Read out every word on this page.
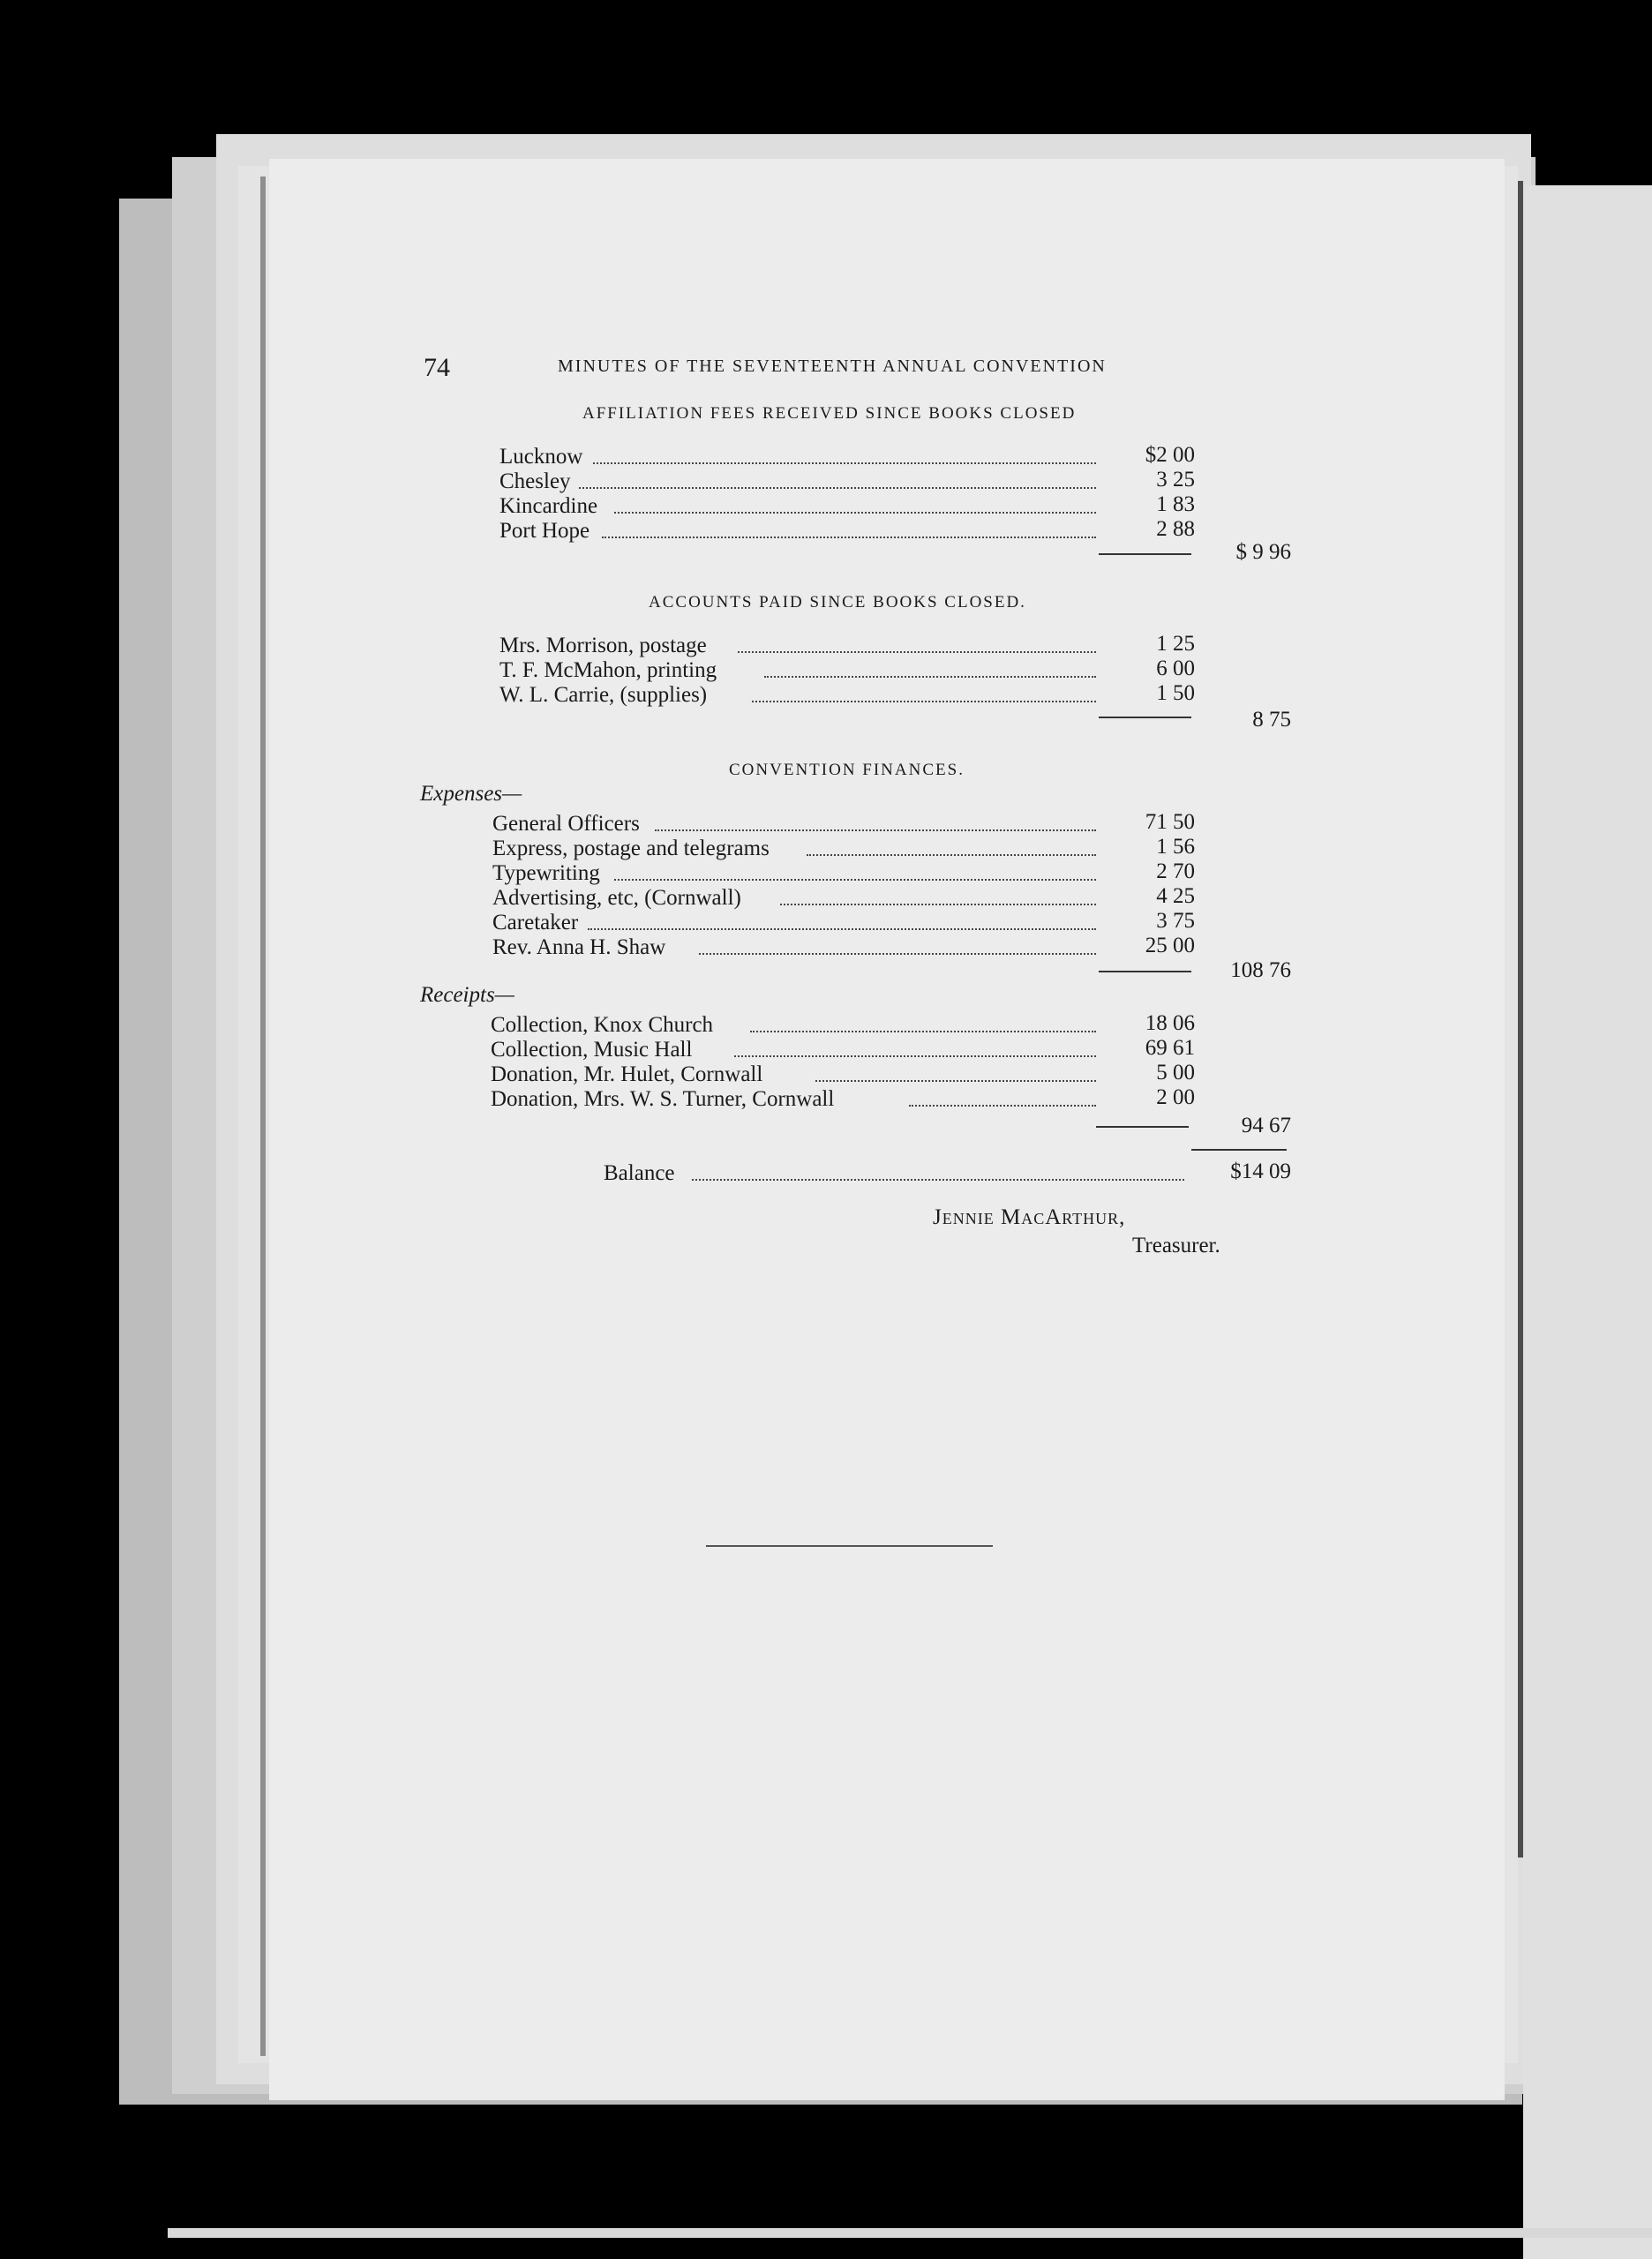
74	MINUTES OF THE SEVENTEENTH ANNUAL CONVENTION
AFFILIATION FEES RECEIVED SINCE BOOKS CLOSED
Lucknow	$2 00
Chesley	3 25
Kincardine	1 83
Port Hope	2 88
$ 9 96
ACCOUNTS PAID SINCE BOOKS CLOSED.
Mrs. Morrison, postage	1 25
T. F. McMahon, printing	6 00
W. L. Carrie, (supplies)	1 50
8 75
CONVENTION FINANCES.
Expenses—
General Officers	71 50
Express, postage and telegrams	1 56
Typewriting	2 70
Advertising, etc, (Cornwall)	4 25
Caretaker	3 75
Rev. Anna H. Shaw	25 00
108 76
Receipts—
Collection, Knox Church	18 06
Collection, Music Hall	69 61
Donation, Mr. Hulet, Cornwall	5 00
Donation, Mrs. W. S. Turner, Cornwall	2 00
94 67
Balance	$14 09
Jennie MacArthur,
Treasurer.
